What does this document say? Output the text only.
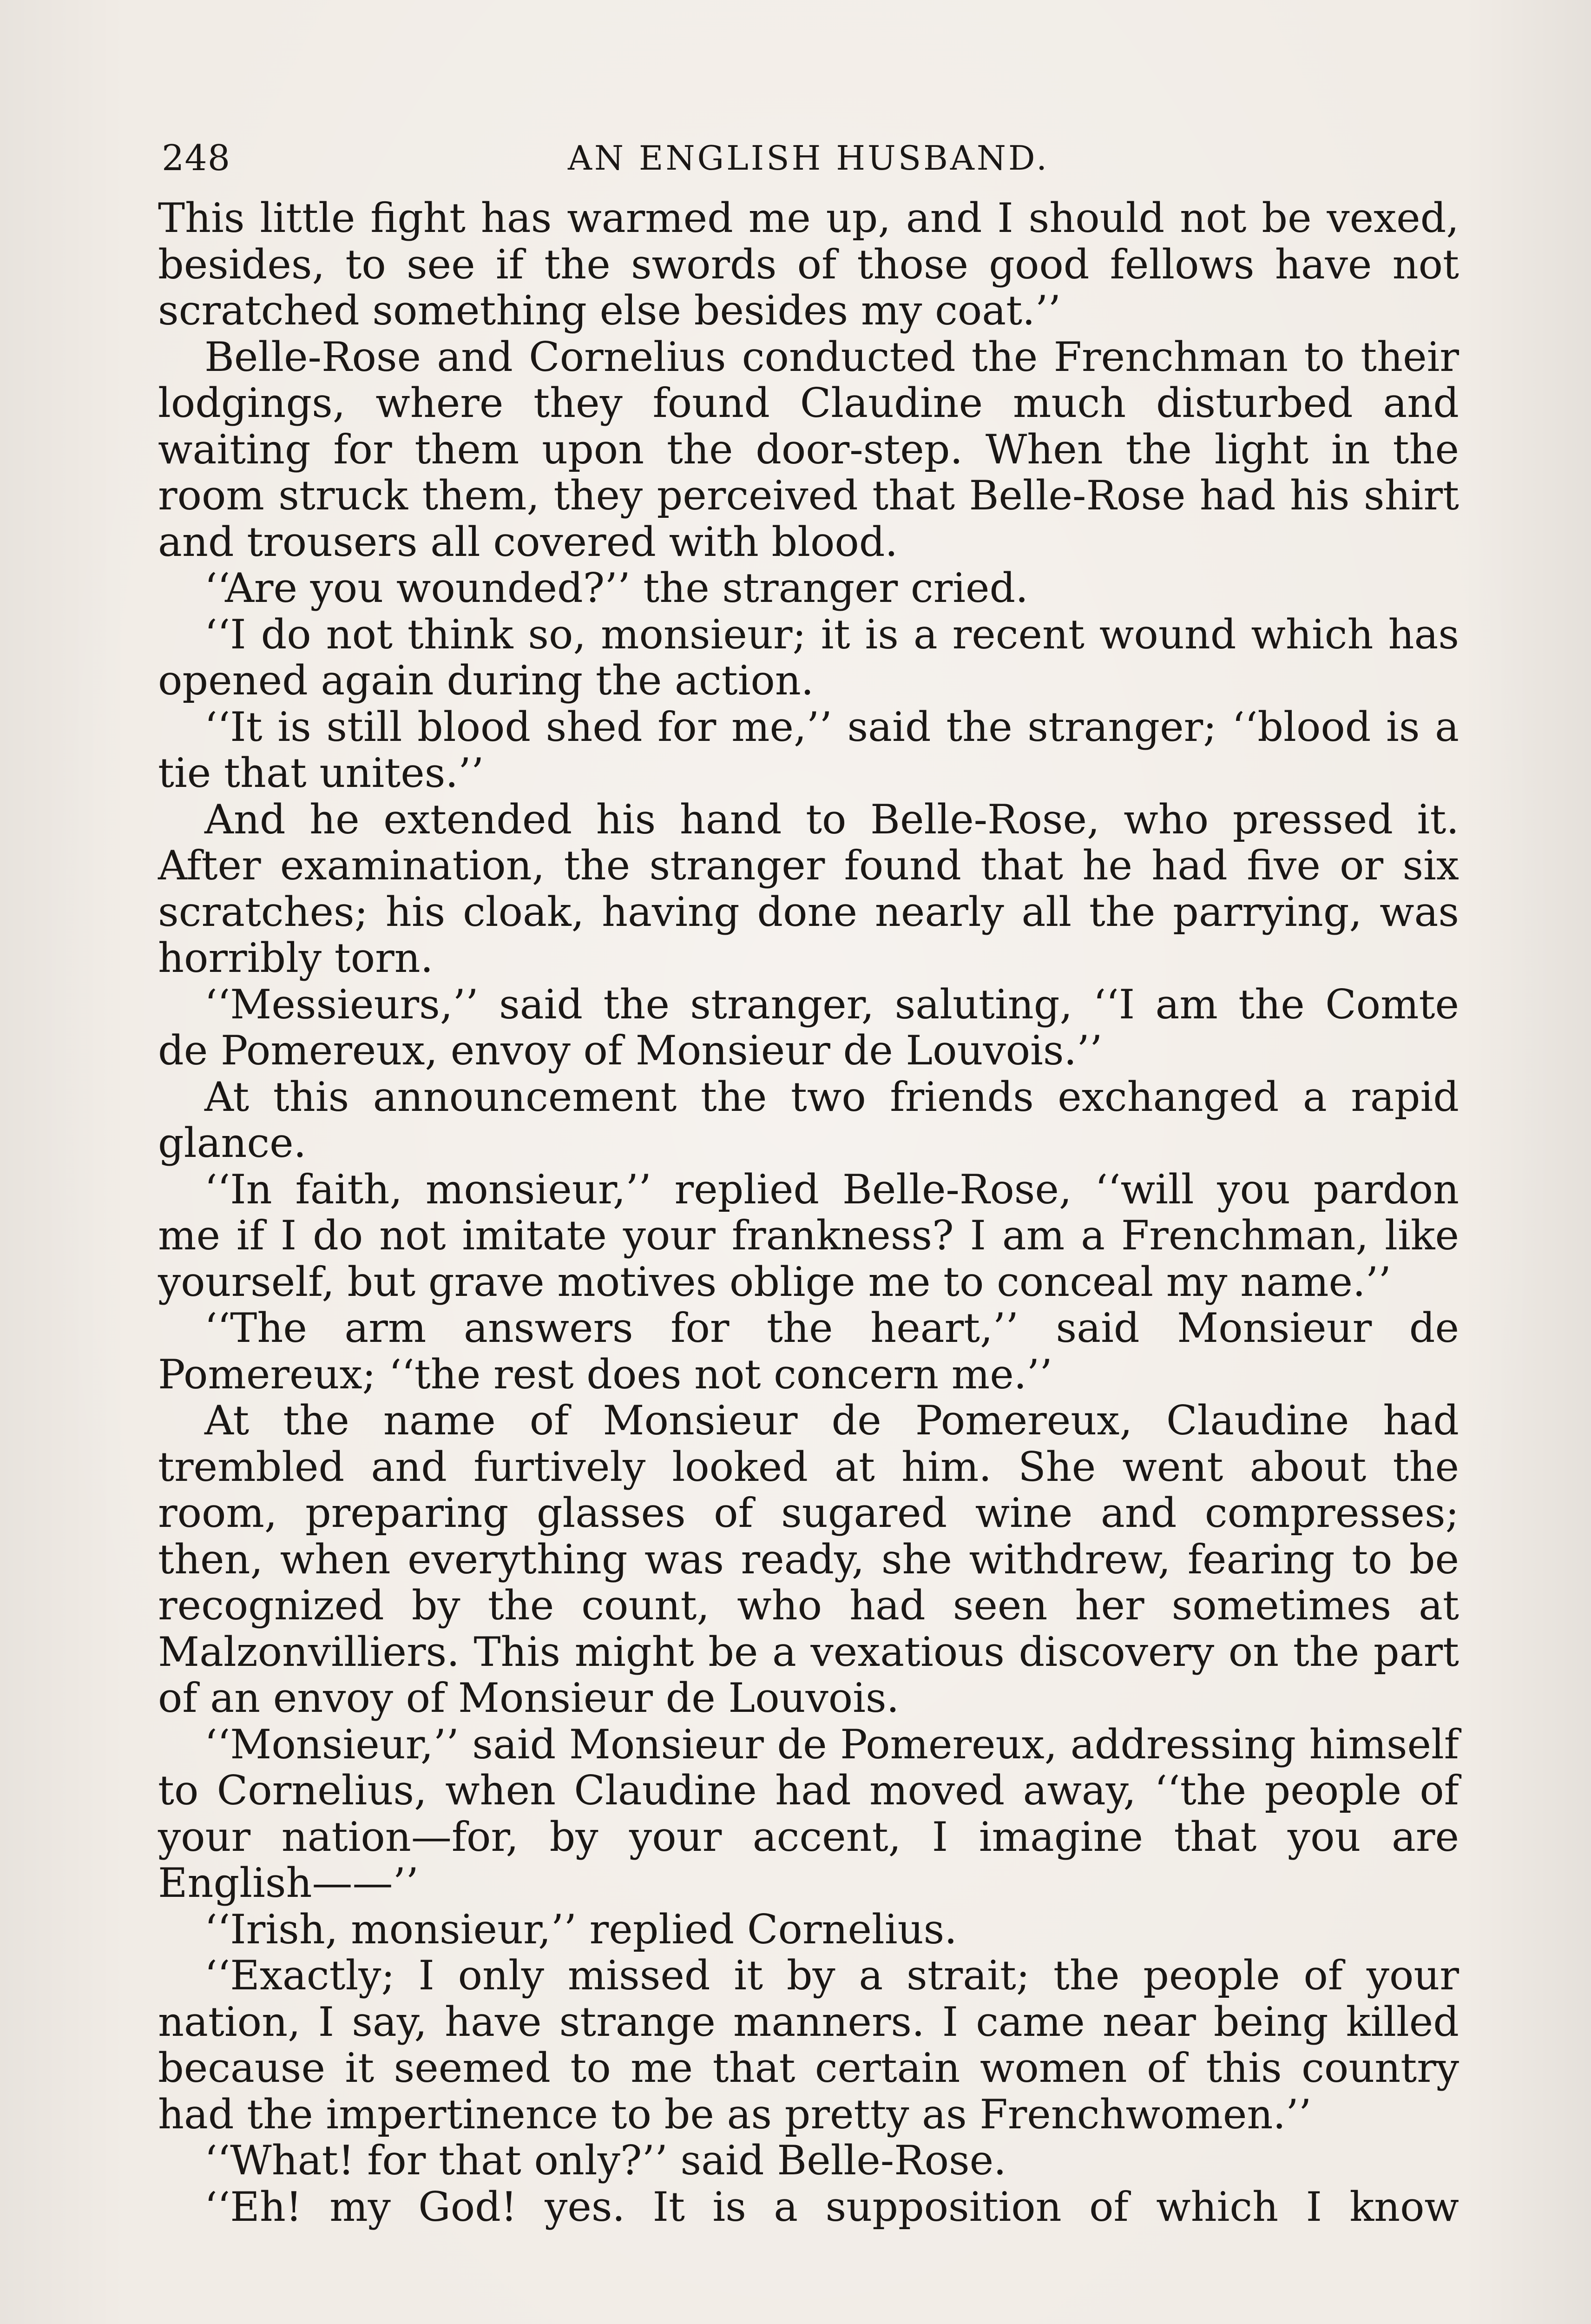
248	AN ENGLISH HUSBAND.

This little fight has warmed me up, and I should not be vexed, besides, to see if the swords of those good fellows have not scratched something else besides my coat.’’

Belle-Rose and Cornelius conducted the Frenchman to their lodgings, where they found Claudine much disturbed and waiting for them upon the door-step. When the light in the room struck them, they perceived that Belle-Rose had his shirt and trousers all covered with blood.

‘‘Are you wounded?’’ the stranger cried.

‘‘I do not think so, monsieur; it is a recent wound which has opened again during the action.

‘‘It is still blood shed for me,’’ said the stranger; ‘‘blood is a tie that unites.’’

And he extended his hand to Belle-Rose, who pressed it. After examination, the stranger found that he had five or six scratches; his cloak, having done nearly all the parrying, was horribly torn.

‘‘Messieurs,’’ said the stranger, saluting, ‘‘I am the Comte de Pomereux, envoy of Monsieur de Louvois.’’

At this announcement the two friends exchanged a rapid glance.

‘‘In faith, monsieur,’’ replied Belle-Rose, ‘‘will you pardon me if I do not imitate your frankness? I am a Frenchman, like yourself, but grave motives oblige me to conceal my name.’’

‘‘The arm answers for the heart,’’ said Monsieur de Pomereux; ‘‘the rest does not concern me.’’

At the name of Monsieur de Pomereux, Claudine had trembled and furtively looked at him. She went about the room, preparing glasses of sugared wine and compresses; then, when everything was ready, she withdrew, fearing to be recognized by the count, who had seen her sometimes at Malzonvilliers. This might be a vexatious discovery on the part of an envoy of Monsieur de Louvois.

‘‘Monsieur,’’ said Monsieur de Pomereux, addressing himself to Cornelius, when Claudine had moved away, ‘‘the people of your nation—for, by your accent, I imagine that you are English——’’

‘‘Irish, monsieur,’’ replied Cornelius.

‘‘Exactly; I only missed it by a strait; the people of your nation, I say, have strange manners. I came near being killed because it seemed to me that certain women of this country had the impertinence to be as pretty as Frenchwomen.’’

‘‘What! for that only?’’ said Belle-Rose.

‘‘Eh! my God! yes. It is a supposition of which I know
